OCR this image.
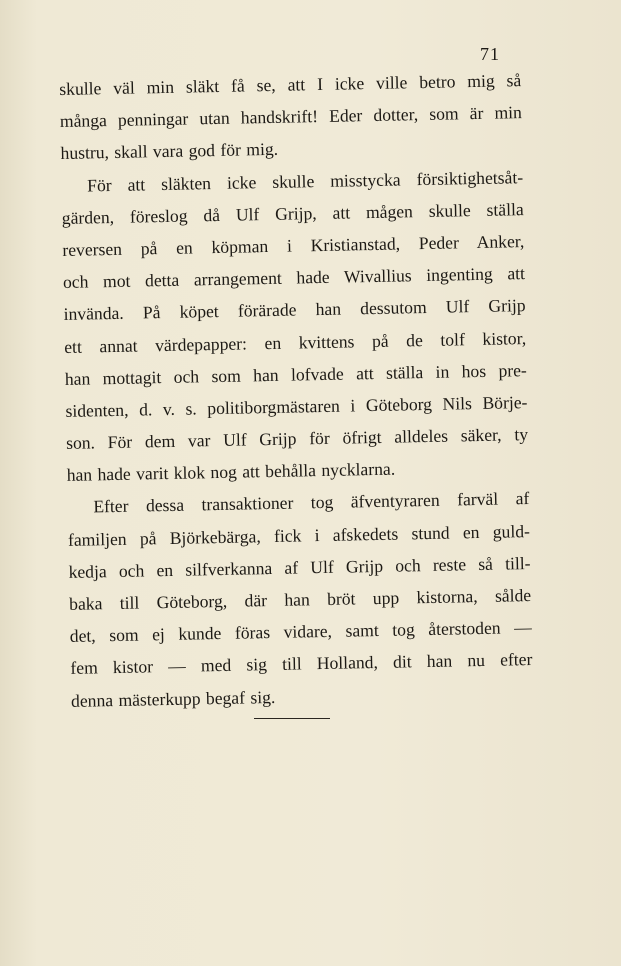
71
skulle väl min släkt få se, att I icke ville betro mig så
många penningar utan handskrift! Eder dotter, som är min
hustru, skall vara god för mig.
För att släkten icke skulle misstycka försiktighetsåt-
gärden, föreslog då Ulf Grijp, att mågen skulle ställa
reversen på en köpman i Kristianstad, Peder Anker,
och mot detta arrangement hade Wivallius ingenting att
invända. På köpet förärade han dessutom Ulf Grijp
ett annat värdepapper: en kvittens på de tolf kistor,
han mottagit och som han lofvade att ställa in hos pre-
sidenten, d. v. s. politiborgmästaren i Göteborg Nils Börje-
son. För dem var Ulf Grijp för öfrigt alldeles säker, ty
han hade varit klok nog att behålla nycklarna.
Efter dessa transaktioner tog äfventyraren farväl af
familjen på Björkebärga, fick i afskedets stund en guld-
kedja och en silfverkanna af Ulf Grijp och reste så till-
baka till Göteborg, där han bröt upp kistorna, sålde
det, som ej kunde föras vidare, samt tog återstoden —
fem kistor — med sig till Holland, dit han nu efter
denna mästerkupp begaf sig.
